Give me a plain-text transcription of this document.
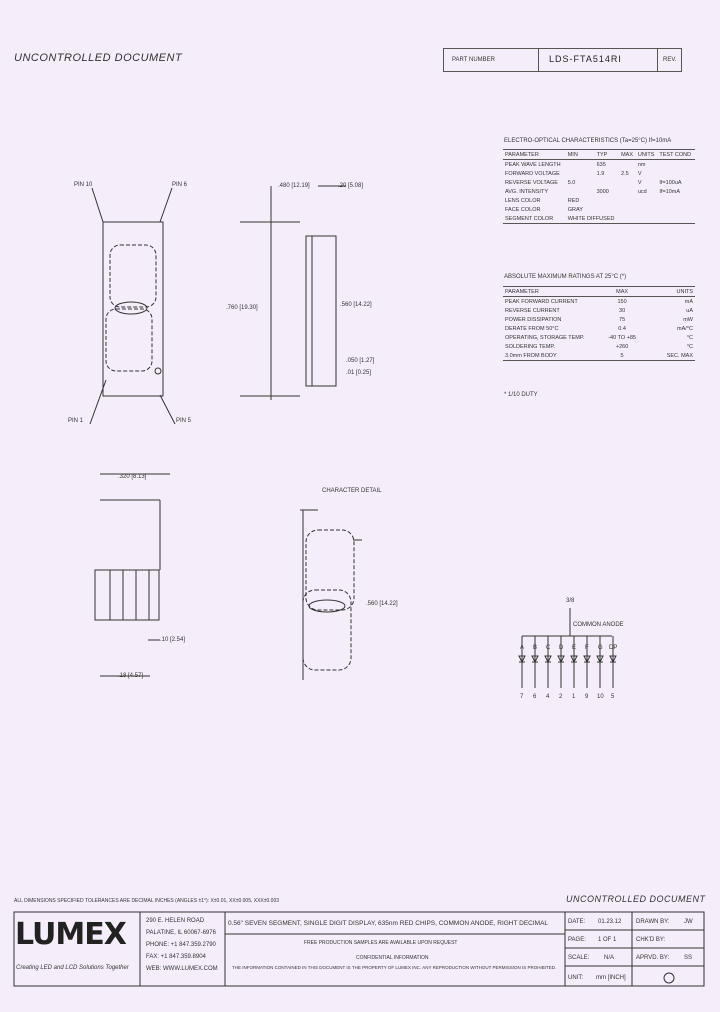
UNCONTROLLED DOCUMENT	PART NUMBER	LDS-FTA514RI	REV.
ELECTRO-OPTICAL CHARACTERISTICS (Ta=25°C) If=10mA
PARAMETER	MIN	TYP	MAX	UNITS	TEST COND
PEAK WAVE LENGTH		635		nm	
FORWARD VOLTAGE		1.9	2.5	V	
REVERSE VOLTAGE	5.0			V	If=100uA
AVG. INTENSITY		3000		ucd	If=10mA
LENS COLOR	RED				
FACE COLOR	GRAY				
SEGMENT COLOR	WHITE DIFFUSED				
ABSOLUTE MAXIMUM RATINGS AT 25°C (*)
PARAMETER	MAX	UNITS
PEAK FORWARD CURRENT	150	mA
REVERSE CURRENT	30	uA
POWER DISSIPATION	75	mW
DERATE FROM 50°C	0.4	mA/°C
OPERATING, STORAGE TEMP.	-40 TO +85	°C
SOLDERING TEMP.	+260	°C
3.0mm FROM BODY	5	SEC. MAX
* 1/10 DUTY
PIN 10	PIN 6
PIN 1	PIN 5
.480 [12.19]	.20 [5.08]
.760 [19.30]	.560 [14.22]
.050 [1.27]
.01 [0.25]
.320 [8.13]
.10 [2.54]
.18 [4.57]
CHARACTER DETAIL
.560 [14.22]	3/8
COMMON ANODE
A B C D E F G DP
7 6 4 2 1 9 10 5
ALL DIMENSIONS SPECIFIED TOLERANCES ARE DECIMAL INCHES (ANGLES ±1°): X±0.01, XX±0.005, XXX±0.003	UNCONTROLLED DOCUMENT
LUMEX
Creating LED and LCD Solutions Together
290 E. HELEN ROAD
PALATINE, IL 60067-6976
PHONE: +1 847.359.2790
FAX: +1 847.359.8904
WEB: WWW.LUMEX.COM
0.56" SEVEN SEGMENT, SINGLE DIGIT DISPLAY, 635nm RED CHIPS, COMMON ANODE, RIGHT DECIMAL
FREE PRODUCTION SAMPLES ARE AVAILABLE UPON REQUEST
CONFIDENTIAL INFORMATION
THE INFORMATION CONTAINED IN THIS DOCUMENT IS THE PROPERTY OF LUMEX INC. ANY REPRODUCTION WITHOUT PERMISSION IS PROHIBITED.
DATE: 01.23.12 DRAWN BY: JW
PAGE: 1 OF 1	CHK'D BY:
SCALE: N/A	APRVD. BY: SS
UNIT: mm [INCH]
